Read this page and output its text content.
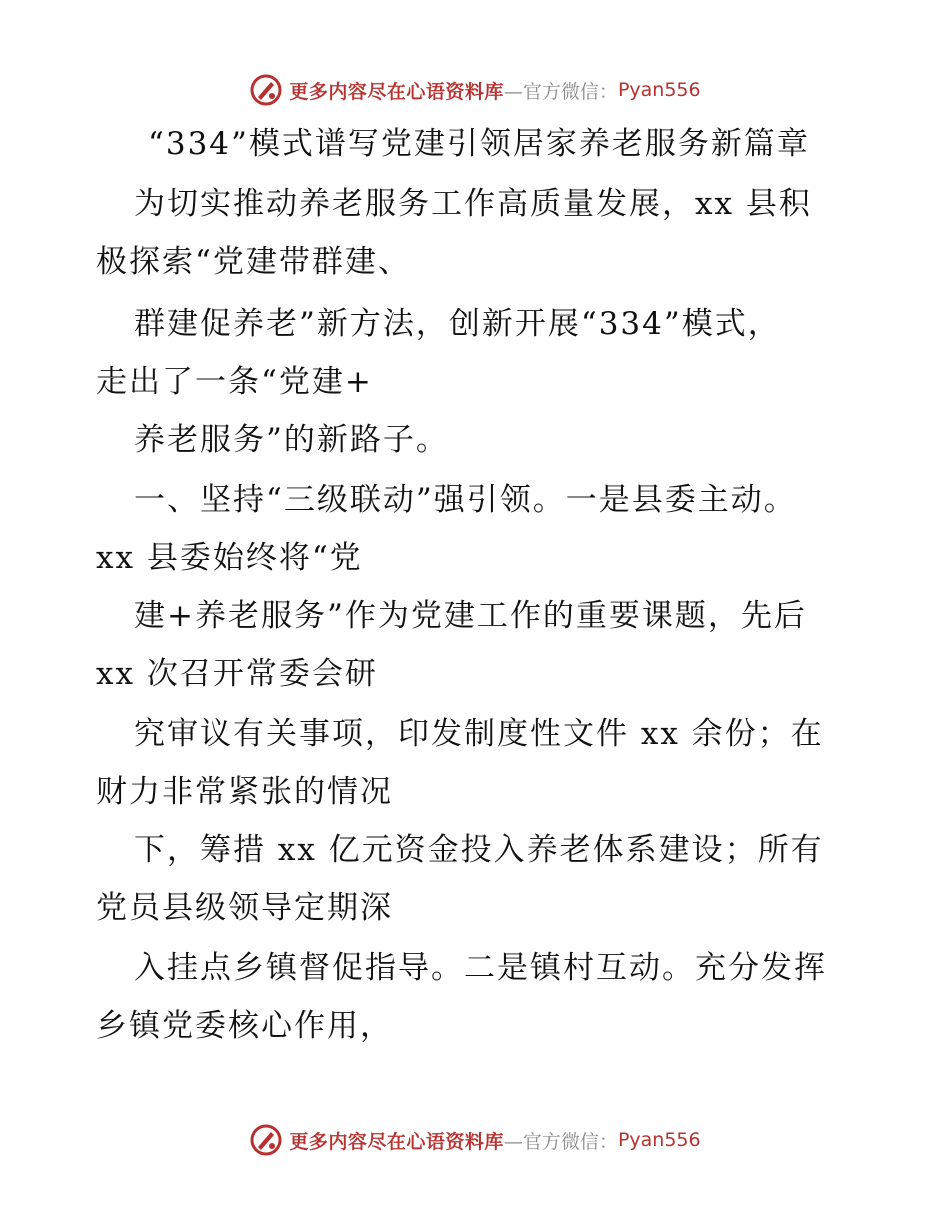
更多内容尽在心语资料库 —官方微信： Pyan556
“334”模式谱写党建引领居家养老服务新篇章
为切实推动养老服务工作高质量发展，xx 县积
极探索“党建带群建、
群建促养老”新方法，创新开展“334”模式，
走出了一条“党建+
养老服务”的新路子。
一、坚持“三级联动”强引领。一是县委主动。
xx 县委始终将“党
建+养老服务”作为党建工作的重要课题，先后
xx 次召开常委会研
究审议有关事项，印发制度性文件 xx 余份；在
财力非常紧张的情况
下，筹措 xx 亿元资金投入养老体系建设；所有
党员县级领导定期深
入挂点乡镇督促指导。二是镇村互动。充分发挥
乡镇党委核心作用，
更多内容尽在心语资料库 —官方微信： Pyan556
